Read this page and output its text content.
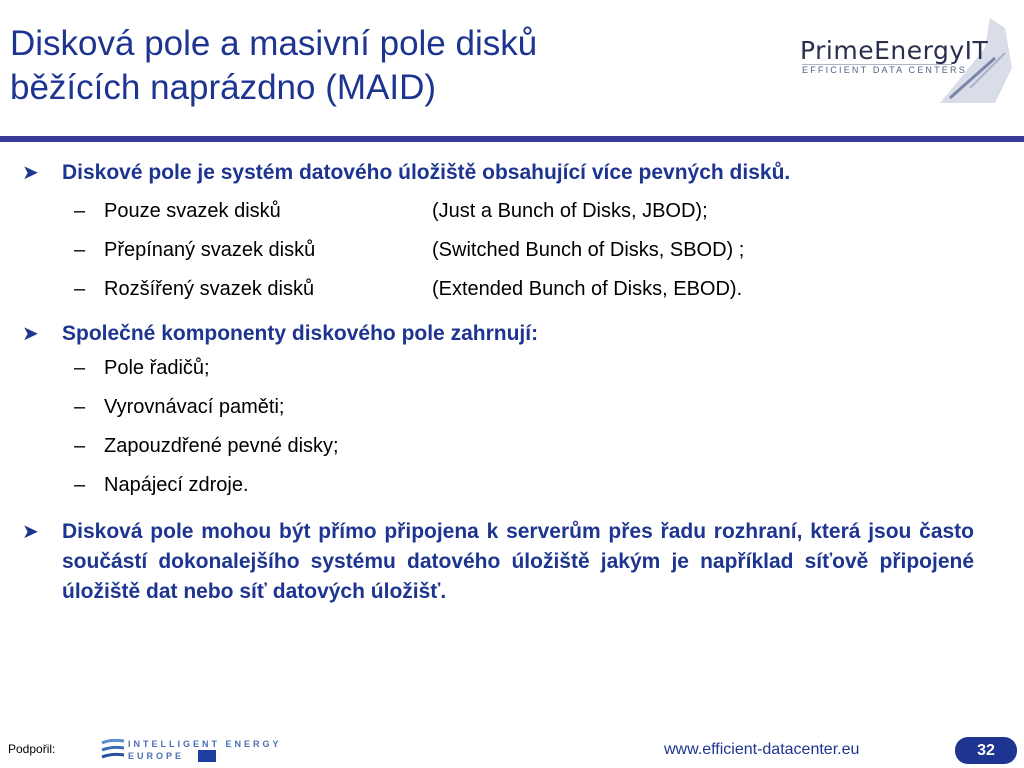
Disková pole a masivní pole disků
běžících naprázdno (MAID)
PrimeEnergyIT
EFFICIENT DATA CENTERS
➤	Diskové pole je systém datového úložiště obsahující více pevných disků.
– Pouze svazek disků	(Just a Bunch of Disks, JBOD);
– Přepínaný svazek disků	(Switched Bunch of Disks, SBOD) ;
– Rozšířený svazek disků	(Extended Bunch of Disks, EBOD).
➤	Společné komponenty diskového pole zahrnují:
– Pole řadičů;
– Vyrovnávací paměti;
– Zapouzdřené pevné disky;
– Napájecí zdroje.
➤	Disková pole mohou být přímo připojena k serverům přes řadu rozhraní, která jsou často součástí dokonalejšího systému datového úložiště jakým je například síťově připojené úložiště dat nebo síť datových úložišť.
Podpořil:	INTELLIGENT ENERGY
EUROPE	www.efficient-datacenter.eu	32
